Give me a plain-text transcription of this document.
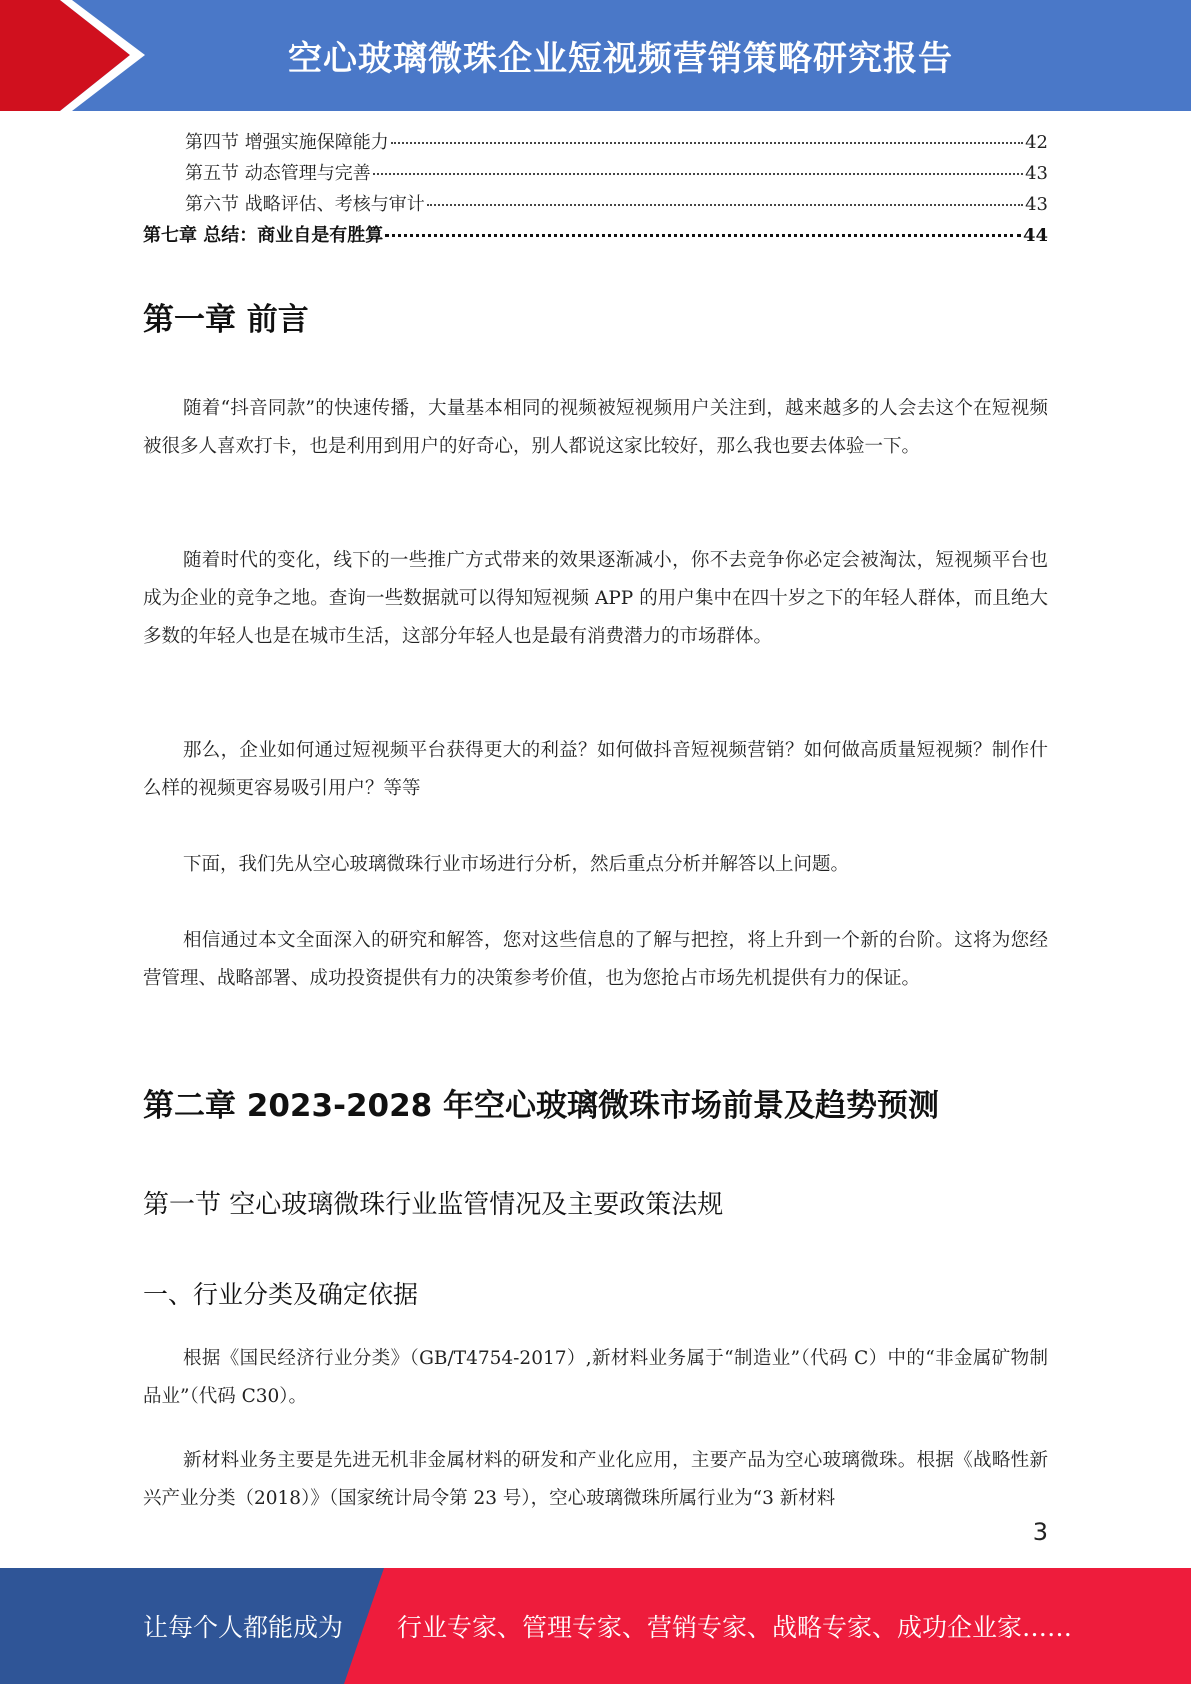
空心玻璃微珠企业短视频营销策略研究报告
第四节 增强实施保障能力	42
第五节 动态管理与完善	43
第六节 战略评估、考核与审计	43
第七章 总结：商业自是有胜算	44
第一章 前言

随着“抖音同款”的快速传播，大量基本相同的视频被短视频用户关注到，越来越多的人会去这个在短视频被很多人喜欢打卡，也是利用到用户的好奇心，别人都说这家比较好，那么我也要去体验一下。

随着时代的变化，线下的一些推广方式带来的效果逐渐减小，你不去竞争你必定会被淘汰，短视频平台也成为企业的竞争之地。查询一些数据就可以得知短视频 APP 的用户集中在四十岁之下的年轻人群体，而且绝大多数的年轻人也是在城市生活，这部分年轻人也是最有消费潜力的市场群体。

那么，企业如何通过短视频平台获得更大的利益？如何做抖音短视频营销？如何做高质量短视频？制作什么样的视频更容易吸引用户？等等

下面，我们先从空心玻璃微珠行业市场进行分析，然后重点分析并解答以上问题。

相信通过本文全面深入的研究和解答，您对这些信息的了解与把控，将上升到一个新的台阶。这将为您经营管理、战略部署、成功投资提供有力的决策参考价值，也为您抢占市场先机提供有力的保证。

第二章 2023-2028 年空心玻璃微珠市场前景及趋势预测
第一节 空心玻璃微珠行业监管情况及主要政策法规
一、行业分类及确定依据

根据《国民经济行业分类》（GB/T4754-2017）,新材料业务属于“制造业”（代码 C）中的“非金属矿物制品业”（代码 C30）。

新材料业务主要是先进无机非金属材料的研发和产业化应用，主要产品为空心玻璃微珠。根据《战略性新兴产业分类（2018）》（国家统计局令第 23 号），空心玻璃微珠所属行业为“3 新材料

3
让每个人都能成为 行业专家、管理专家、营销专家、战略专家、成功企业家……
